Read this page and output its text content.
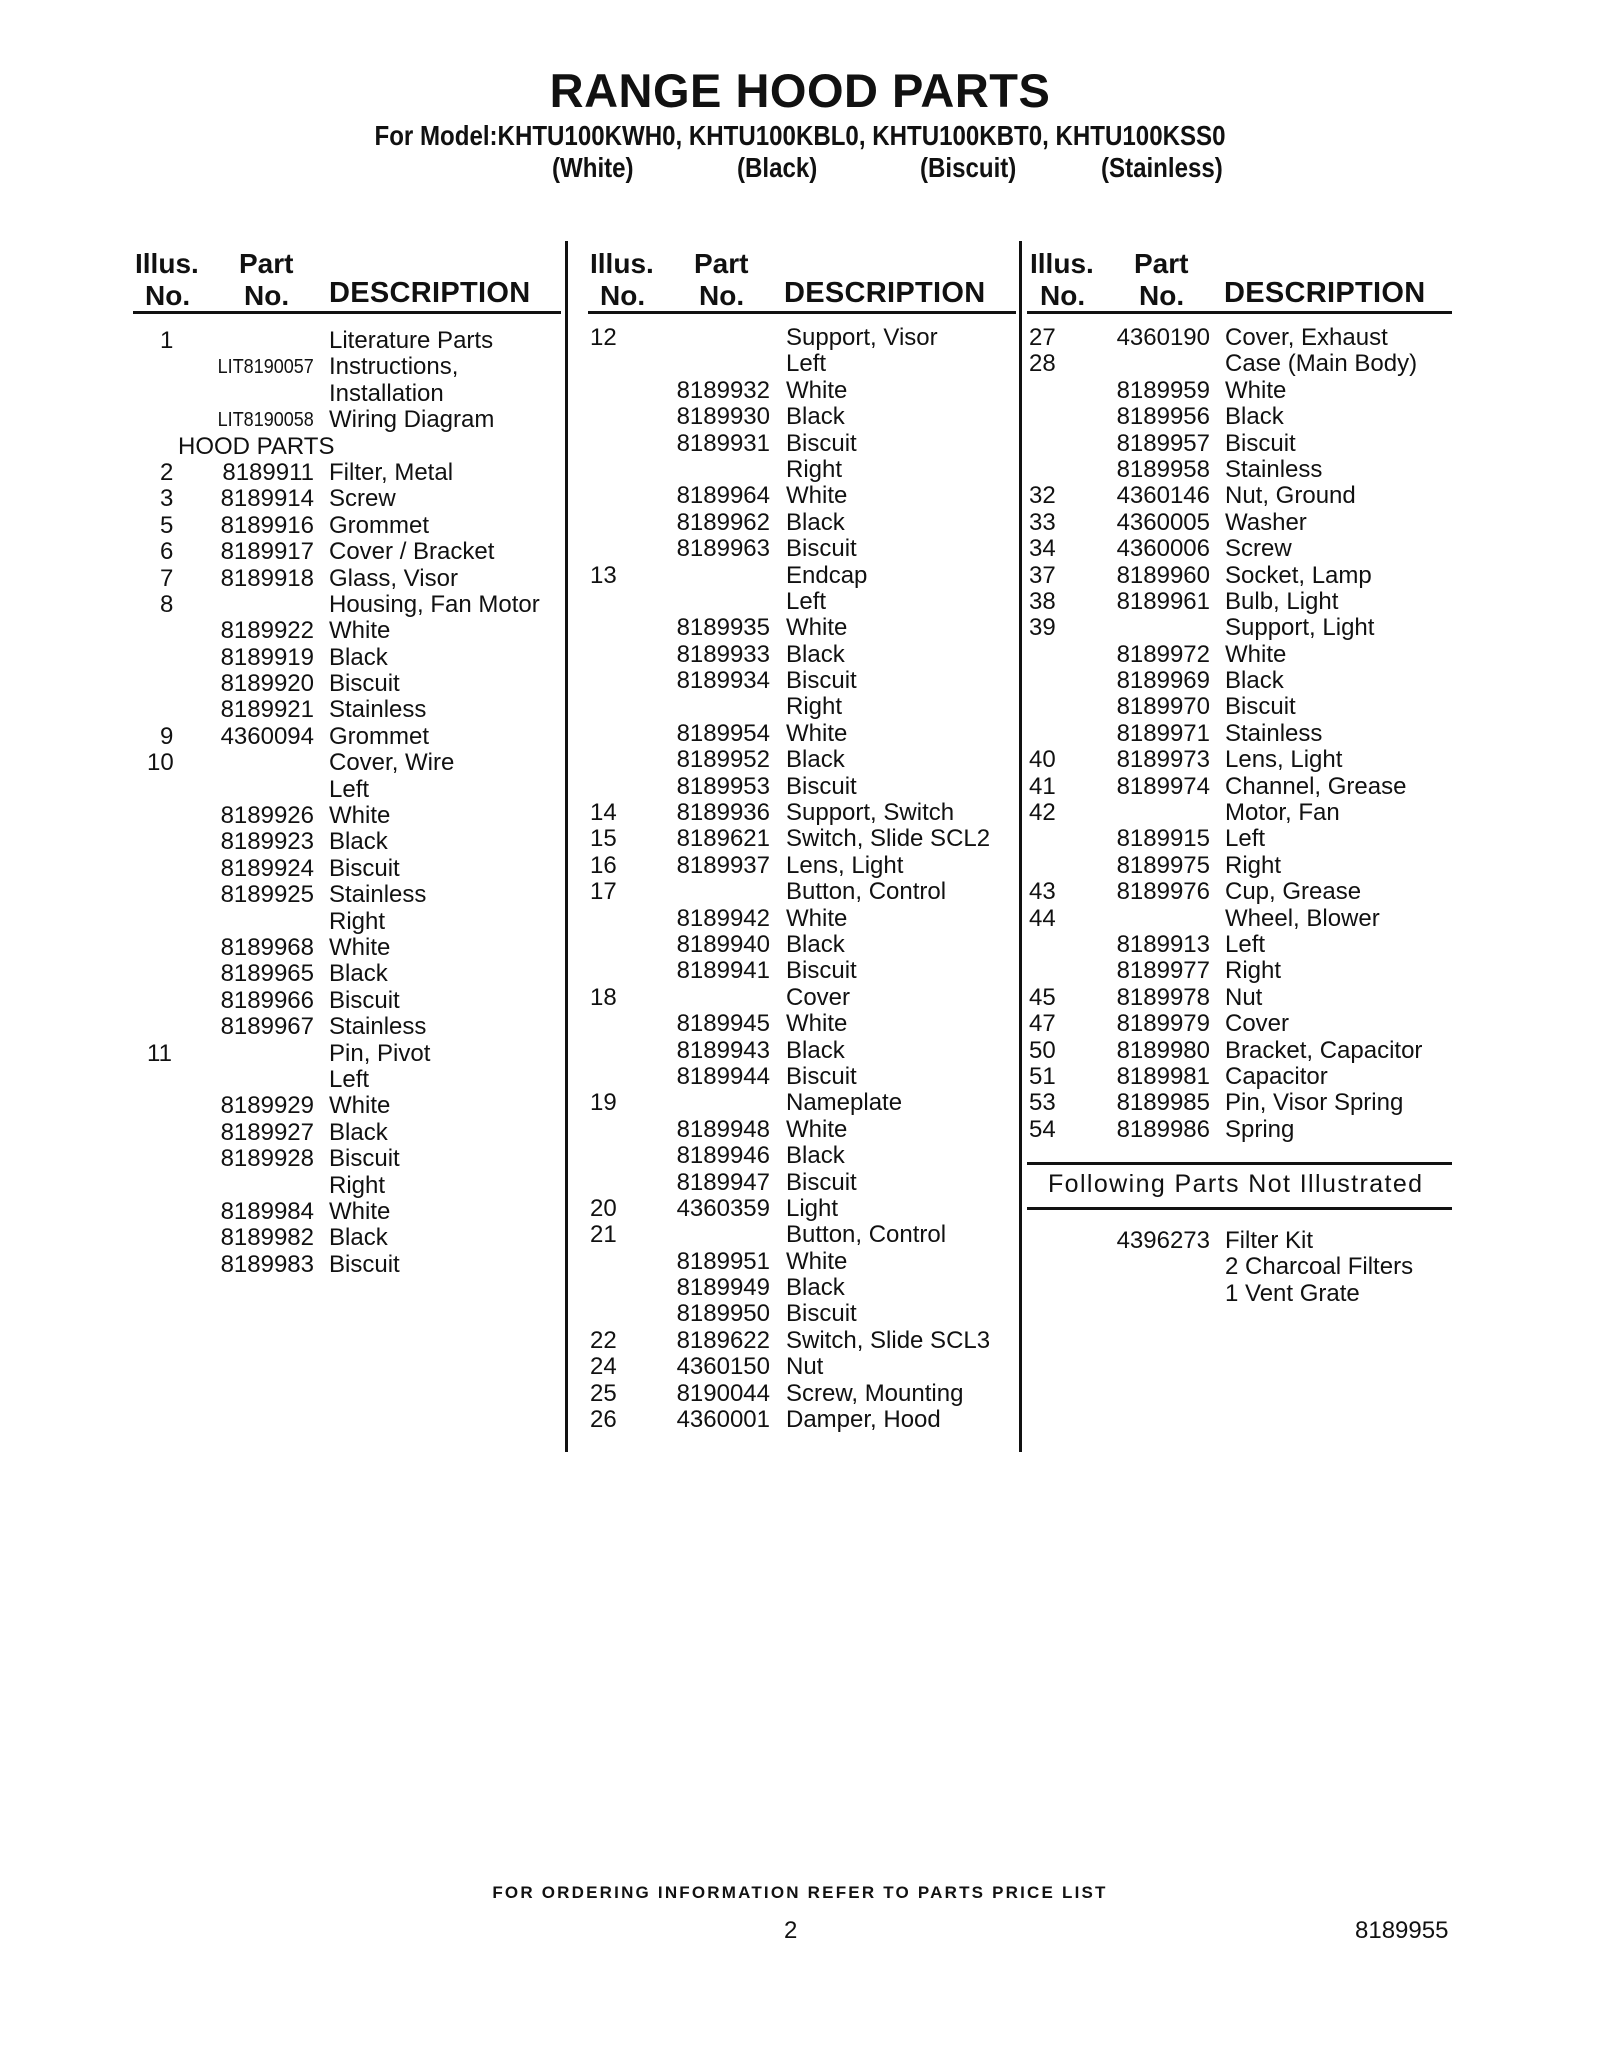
RANGE HOOD PARTS
For Model:KHTU100KWH0, KHTU100KBL0, KHTU100KBT0, KHTU100KSS0
(White)	(Black)	(Biscuit)	(Stainless)
Illus.
No.
Part
No. DESCRIPTION
1	Literature Parts
LIT8190057 Instructions,
Installation
LIT8190058 Wiring Diagram
HOOD PARTS
2 8189911 Filter, Metal
3 8189914 Screw
5 8189916 Grommet
6 8189917 Cover / Bracket
7 8189918 Glass, Visor
8	Housing, Fan Motor
8189922 White
8189919 Black
8189920 Biscuit
8189921 Stainless
9 4360094 Grommet
10	Cover, Wire
Left
8189926 White
8189923 Black
8189924 Biscuit
8189925 Stainless
Right
8189968 White
8189965 Black
8189966 Biscuit
8189967 Stainless
11	Pin, Pivot
Left
8189929 White
8189927 Black
8189928 Biscuit
Right
8189984 White
8189982 Black
8189983 Biscuit
Illus.
No.
Part
No. DESCRIPTION
12	Support, Visor
Left
8189932 White
8189930 Black
8189931 Biscuit
Right
8189964 White
8189962 Black
8189963 Biscuit
13	Endcap
Left
8189935 White
8189933 Black
8189934 Biscuit
Right
8189954 White
8189952 Black
8189953 Biscuit
14 8189936 Support, Switch
15 8189621 Switch, Slide SCL2
16 8189937 Lens, Light
17	Button, Control
8189942 White
8189940 Black
8189941 Biscuit
18	Cover
8189945 White
8189943 Black
8189944 Biscuit
19	Nameplate
8189948 White
8189946 Black
8189947 Biscuit
20 4360359 Light
21	Button, Control
8189951 White
8189949 Black
8189950 Biscuit
22 8189622 Switch, Slide SCL3
24 4360150 Nut
25 8190044 Screw, Mounting
26 4360001 Damper, Hood
Illus.
No.
Part
No. DESCRIPTION
27	4360190 Cover, Exhaust
28	Case (Main Body)
8189959 White
8189956 Black
8189957 Biscuit
8189958 Stainless
32	4360146 Nut, Ground
33	4360005 Washer
34	4360006 Screw
37	8189960 Socket, Lamp
38	8189961 Bulb, Light
39	Support, Light
8189972 White
8189969 Black
8189970 Biscuit
8189971 Stainless
40	8189973 Lens, Light
41	8189974 Channel, Grease
42	Motor, Fan
8189915 Left
8189975 Right
43	8189976 Cup, Grease
44	Wheel, Blower
8189913 Left
8189977 Right
45	8189978 Nut
47	8189979 Cover
50	8189980 Bracket, Capacitor
51	8189981 Capacitor
53	8189985 Pin, Visor Spring
54	8189986 Spring
Following Parts Not Illustrated
4396273 Filter Kit
2 Charcoal Filters
1 Vent Grate
FOR ORDERING INFORMATION REFER TO PARTS PRICE LIST
2	8189955
